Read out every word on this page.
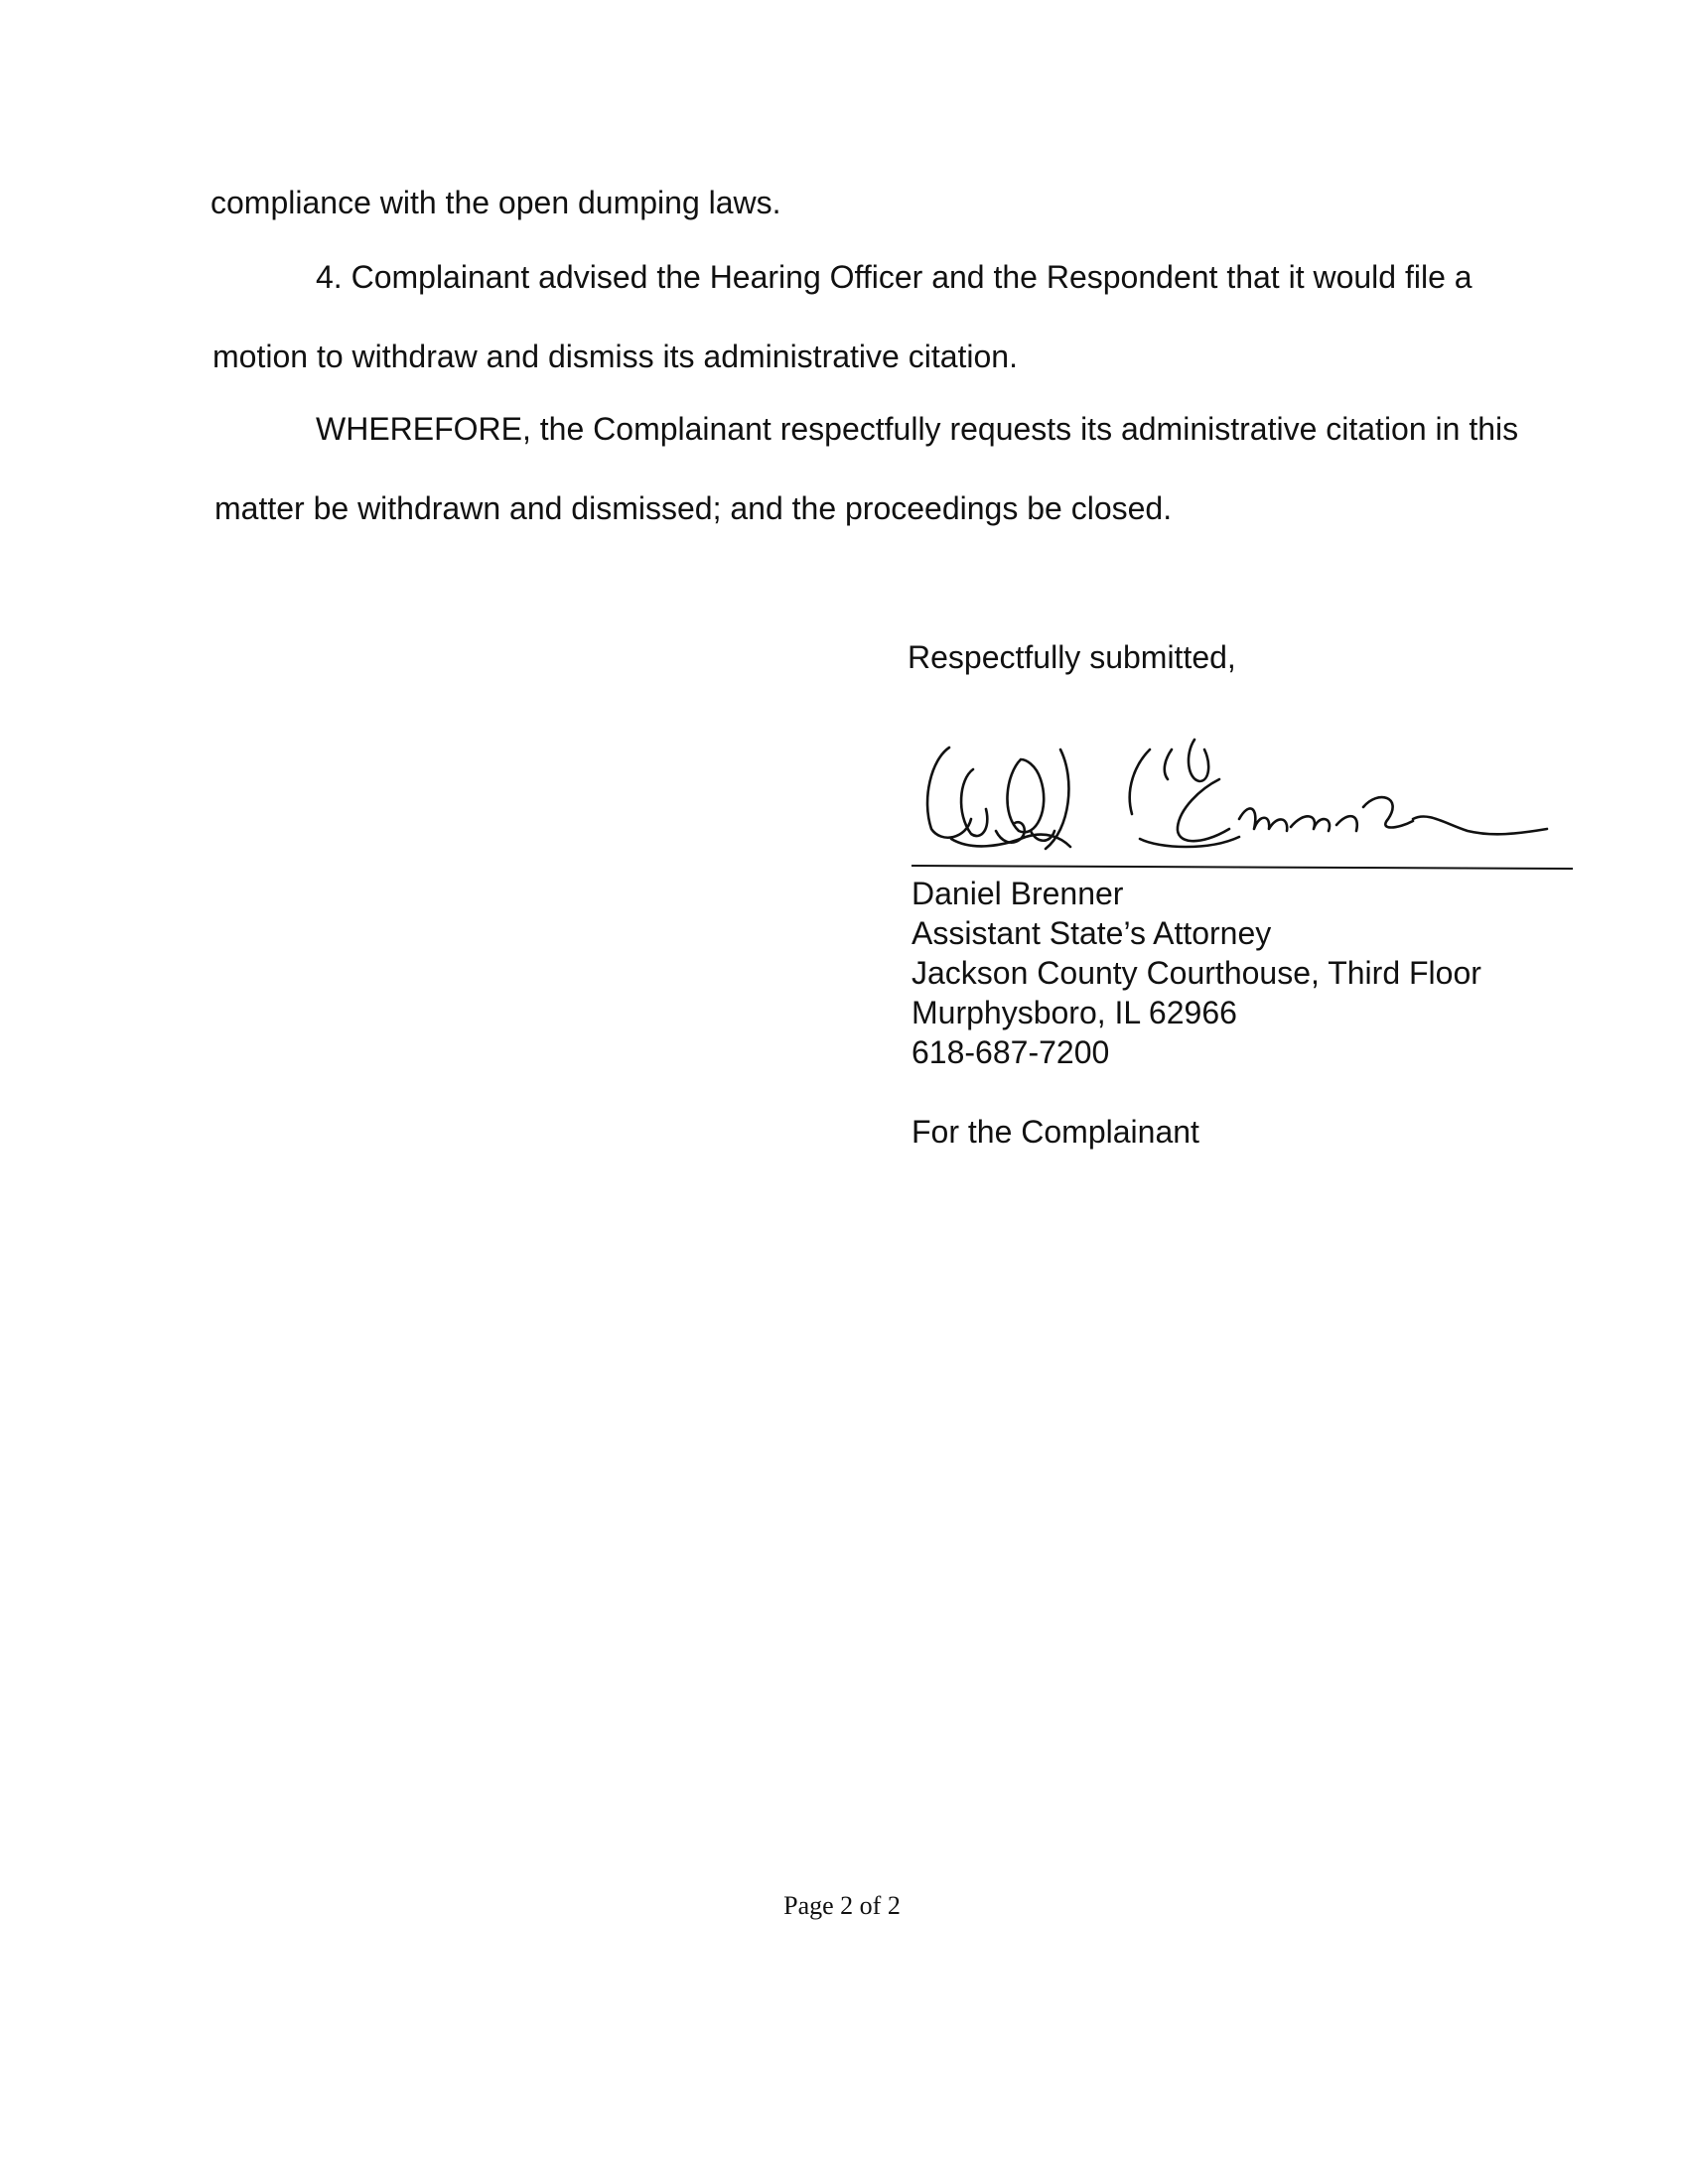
compliance with the open dumping laws.
4. Complainant advised the Hearing Officer and the Respondent that it would file a
motion to withdraw and dismiss its administrative citation.
WHEREFORE, the Complainant respectfully requests its administrative citation in this
matter be withdrawn and dismissed; and the proceedings be closed.
Respectfully submitted,
Daniel Brenner
Assistant State’s Attorney
Jackson County Courthouse, Third Floor
Murphysboro, IL 62966
618-687-7200
For the Complainant
Page 2 of 2
